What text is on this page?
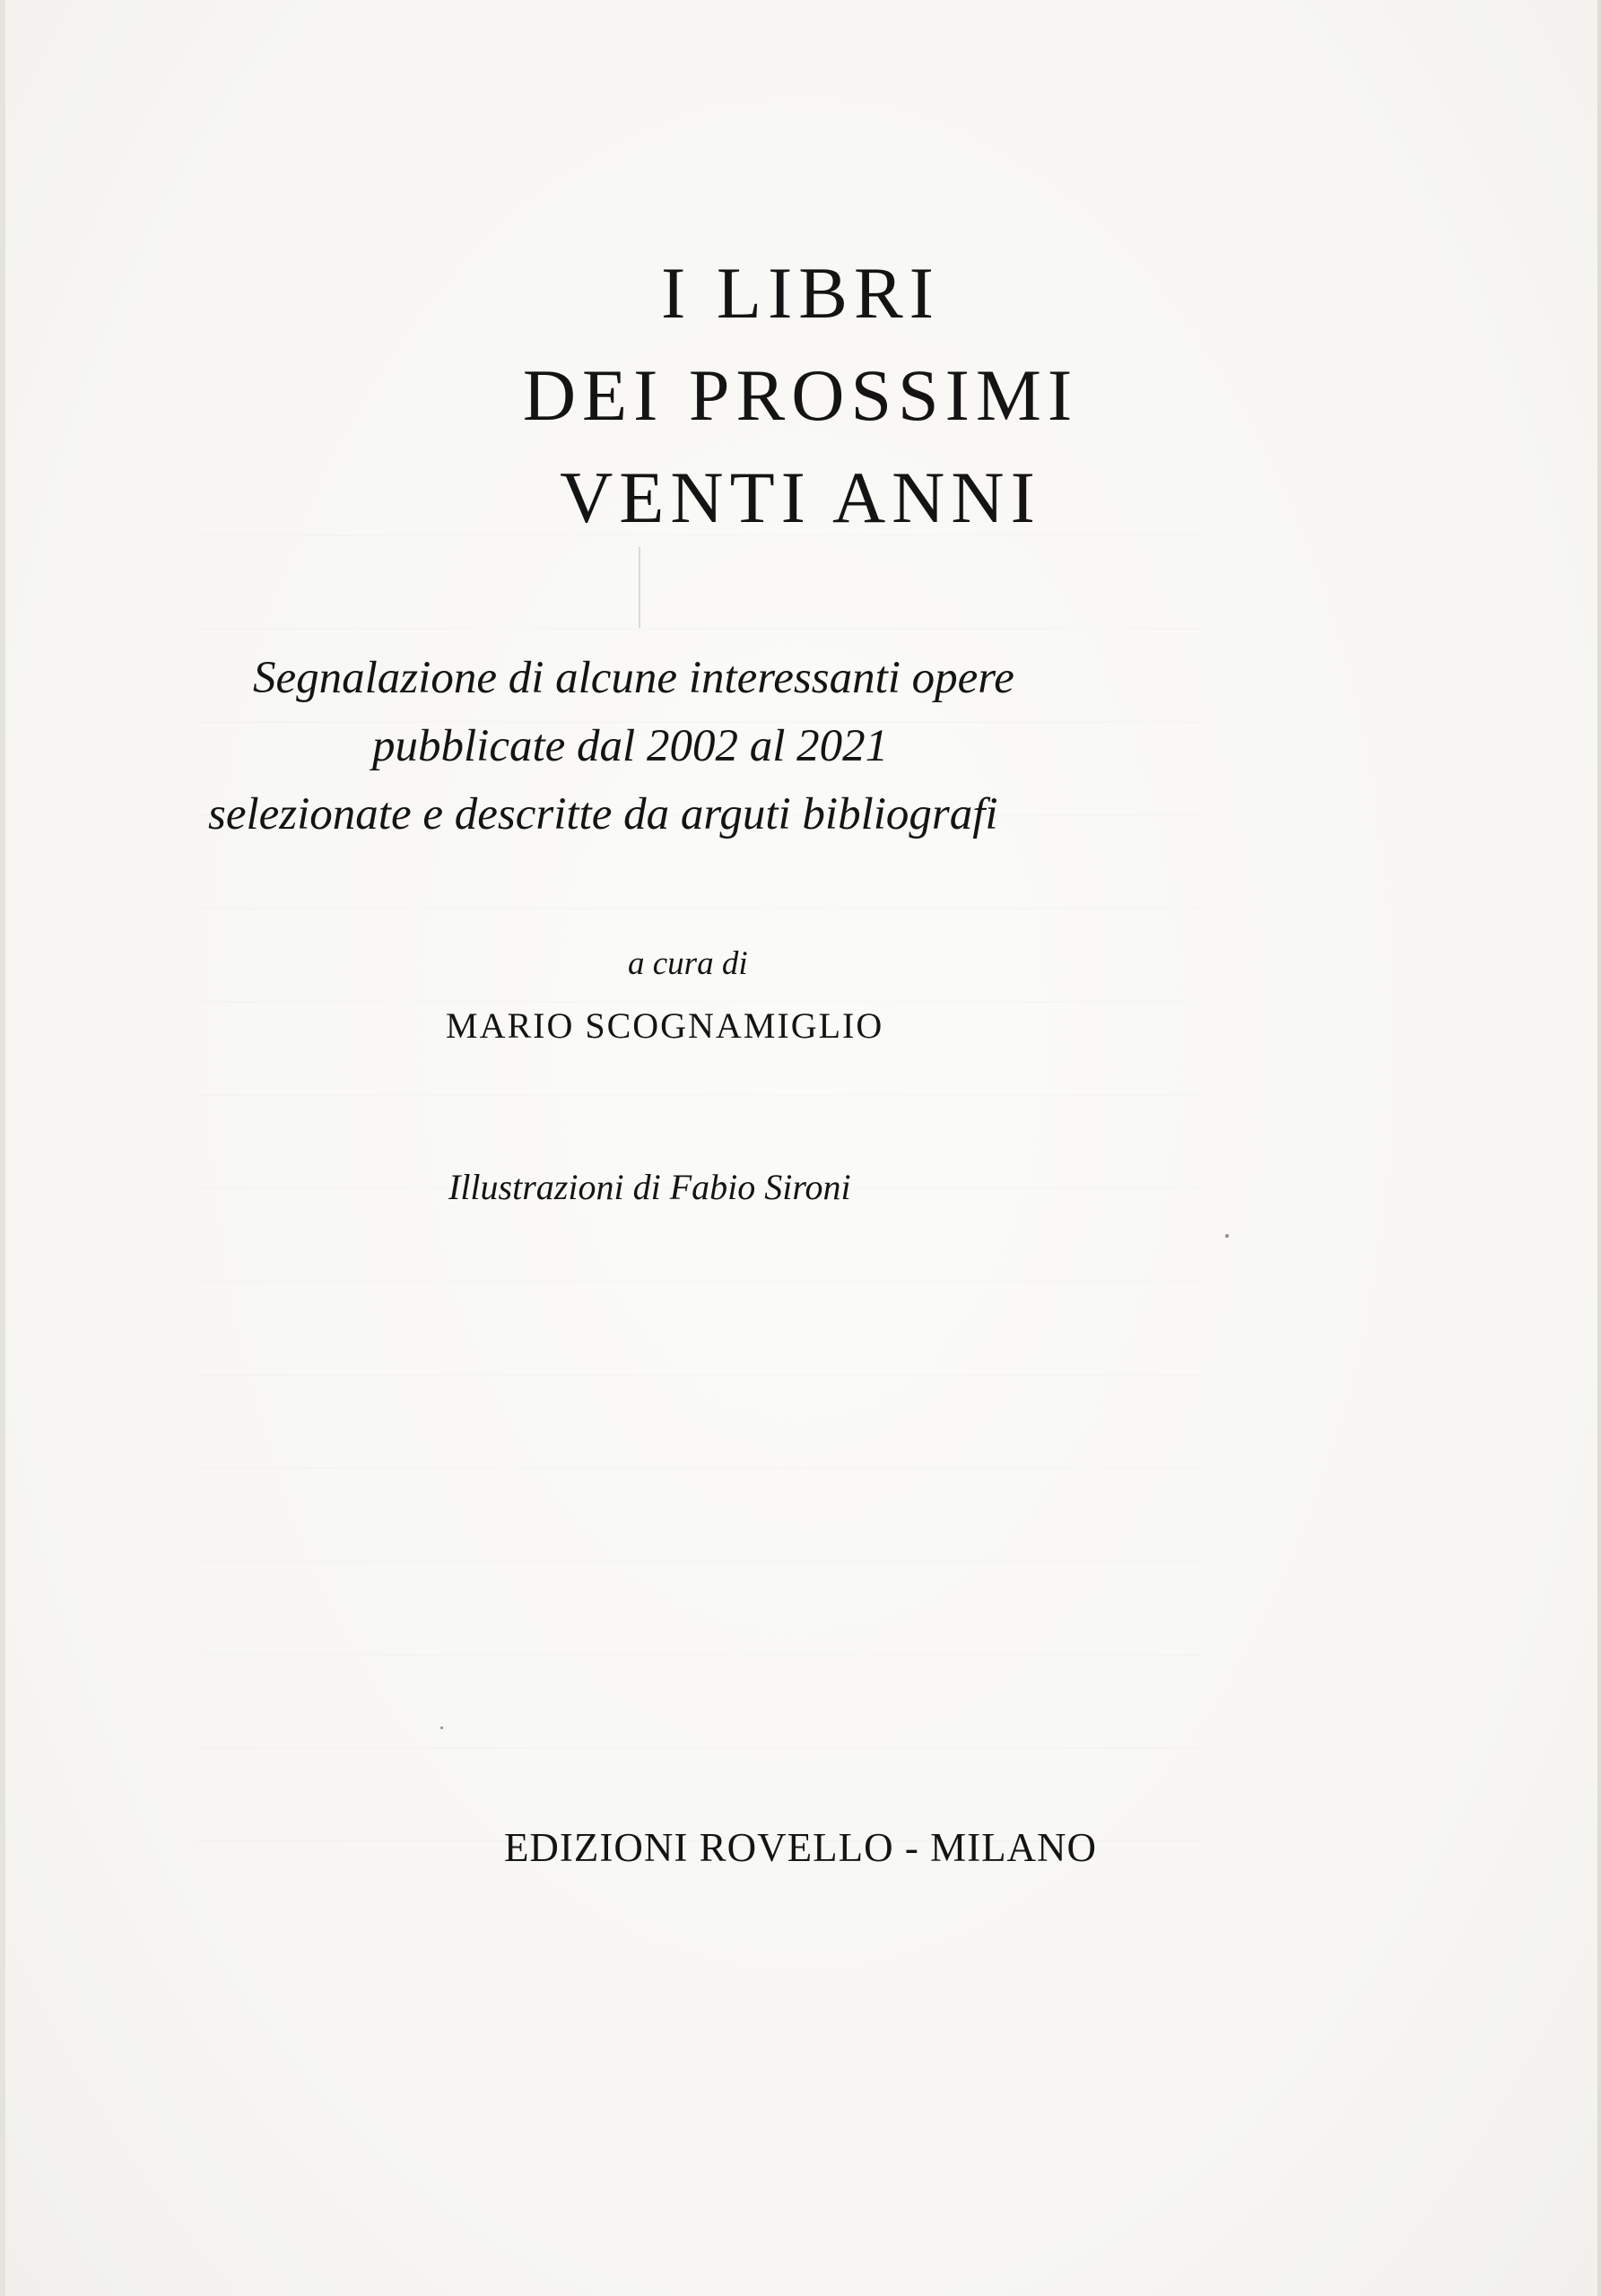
I LIBRI
DEI PROSSIMI
VENTI ANNI

Segnalazione di alcune interessanti opere
pubblicate dal 2002 al 2021
selezionate e descritte da arguti bibliografi

a cura di
MARIO SCOGNAMIGLIO
Illustrazioni di Fabio Sironi
EDIZIONI ROVELLO - MILANO
